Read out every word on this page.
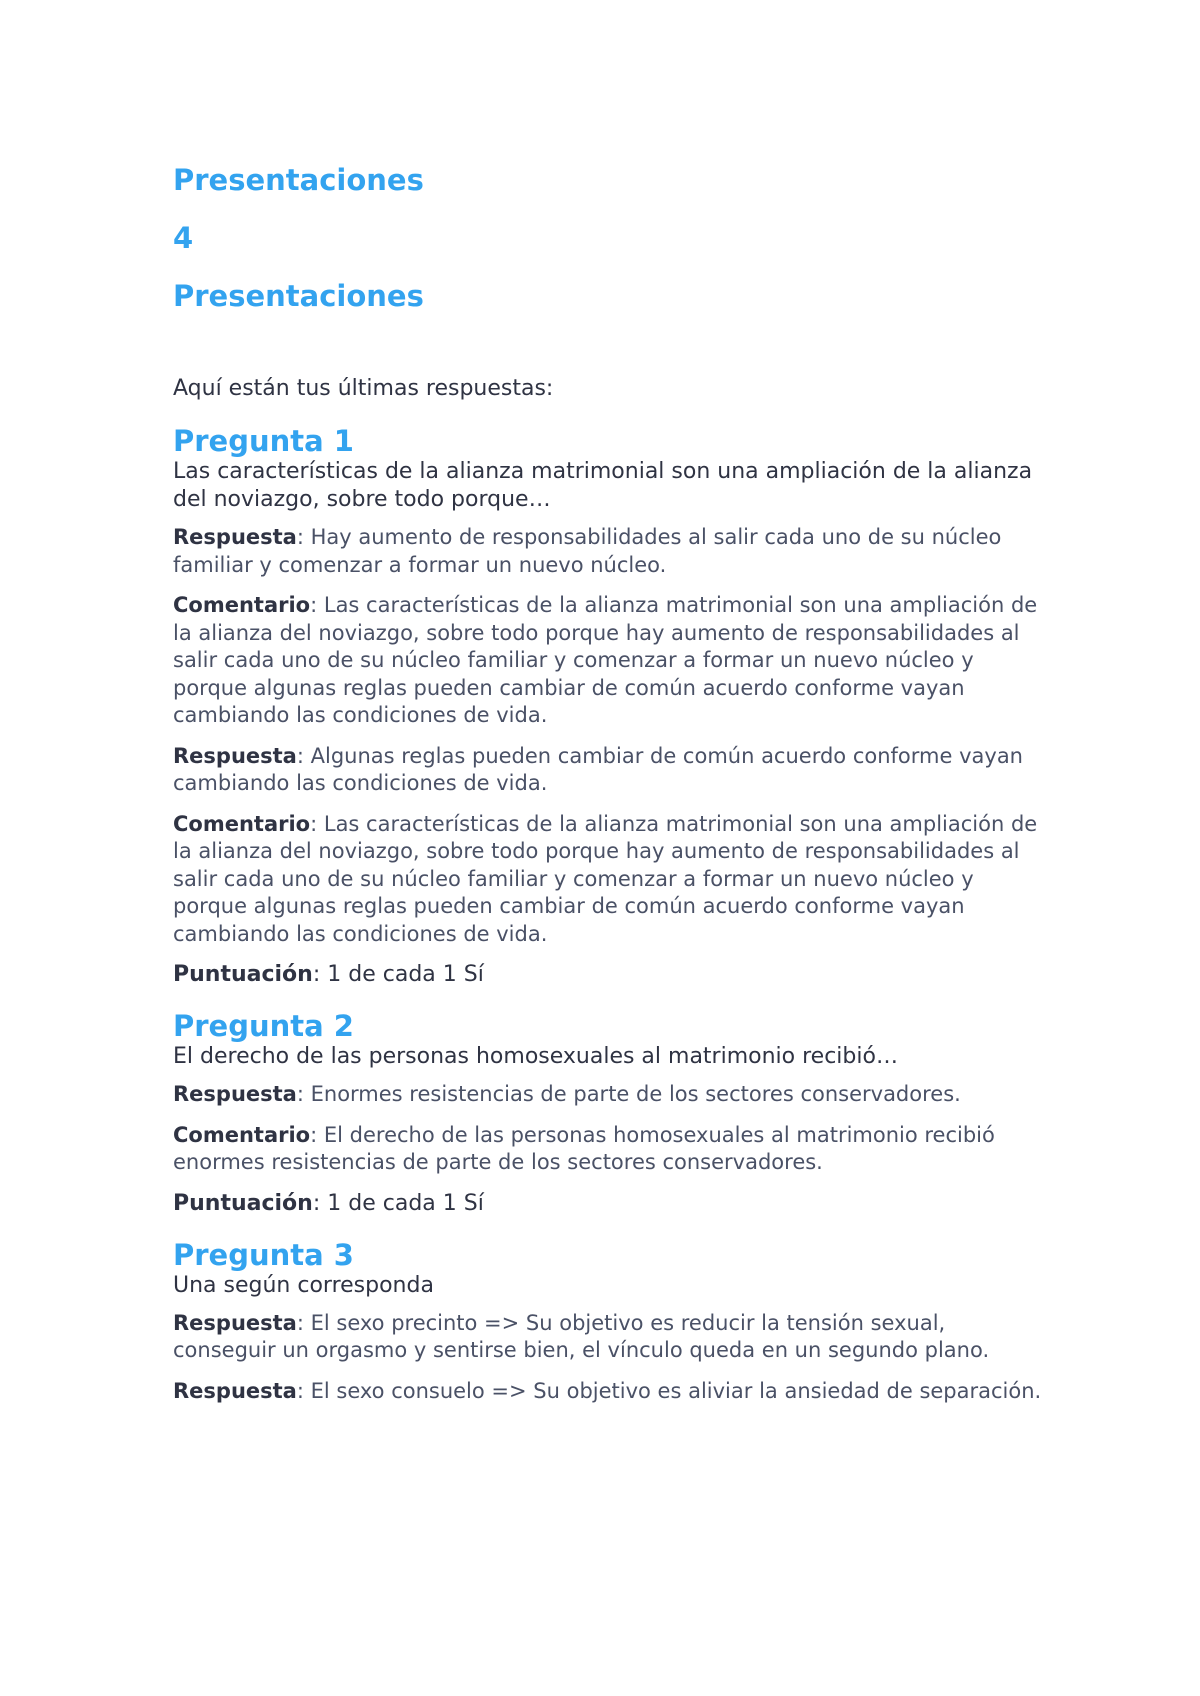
Presentaciones
4
Presentaciones
Aquí están tus últimas respuestas:
Pregunta 1
Las características de la alianza matrimonial son una ampliación de la alianza del noviazgo, sobre todo porque…
Respuesta: Hay aumento de responsabilidades al salir cada uno de su núcleo familiar y comenzar a formar un nuevo núcleo.
Comentario: Las características de la alianza matrimonial son una ampliación de la alianza del noviazgo, sobre todo porque hay aumento de responsabilidades al salir cada uno de su núcleo familiar y comenzar a formar un nuevo núcleo y porque algunas reglas pueden cambiar de común acuerdo conforme vayan cambiando las condiciones de vida.
Respuesta: Algunas reglas pueden cambiar de común acuerdo conforme vayan cambiando las condiciones de vida.
Comentario: Las características de la alianza matrimonial son una ampliación de la alianza del noviazgo, sobre todo porque hay aumento de responsabilidades al salir cada uno de su núcleo familiar y comenzar a formar un nuevo núcleo y porque algunas reglas pueden cambiar de común acuerdo conforme vayan cambiando las condiciones de vida.
Puntuación: 1 de cada 1 Sí
Pregunta 2
El derecho de las personas homosexuales al matrimonio recibió…
Respuesta: Enormes resistencias de parte de los sectores conservadores.
Comentario: El derecho de las personas homosexuales al matrimonio recibió enormes resistencias de parte de los sectores conservadores.
Puntuación: 1 de cada 1 Sí
Pregunta 3
Una según corresponda
Respuesta: El sexo precinto => Su objetivo es reducir la tensión sexual, conseguir un orgasmo y sentirse bien, el vínculo queda en un segundo plano.
Respuesta: El sexo consuelo => Su objetivo es aliviar la ansiedad de separación.
